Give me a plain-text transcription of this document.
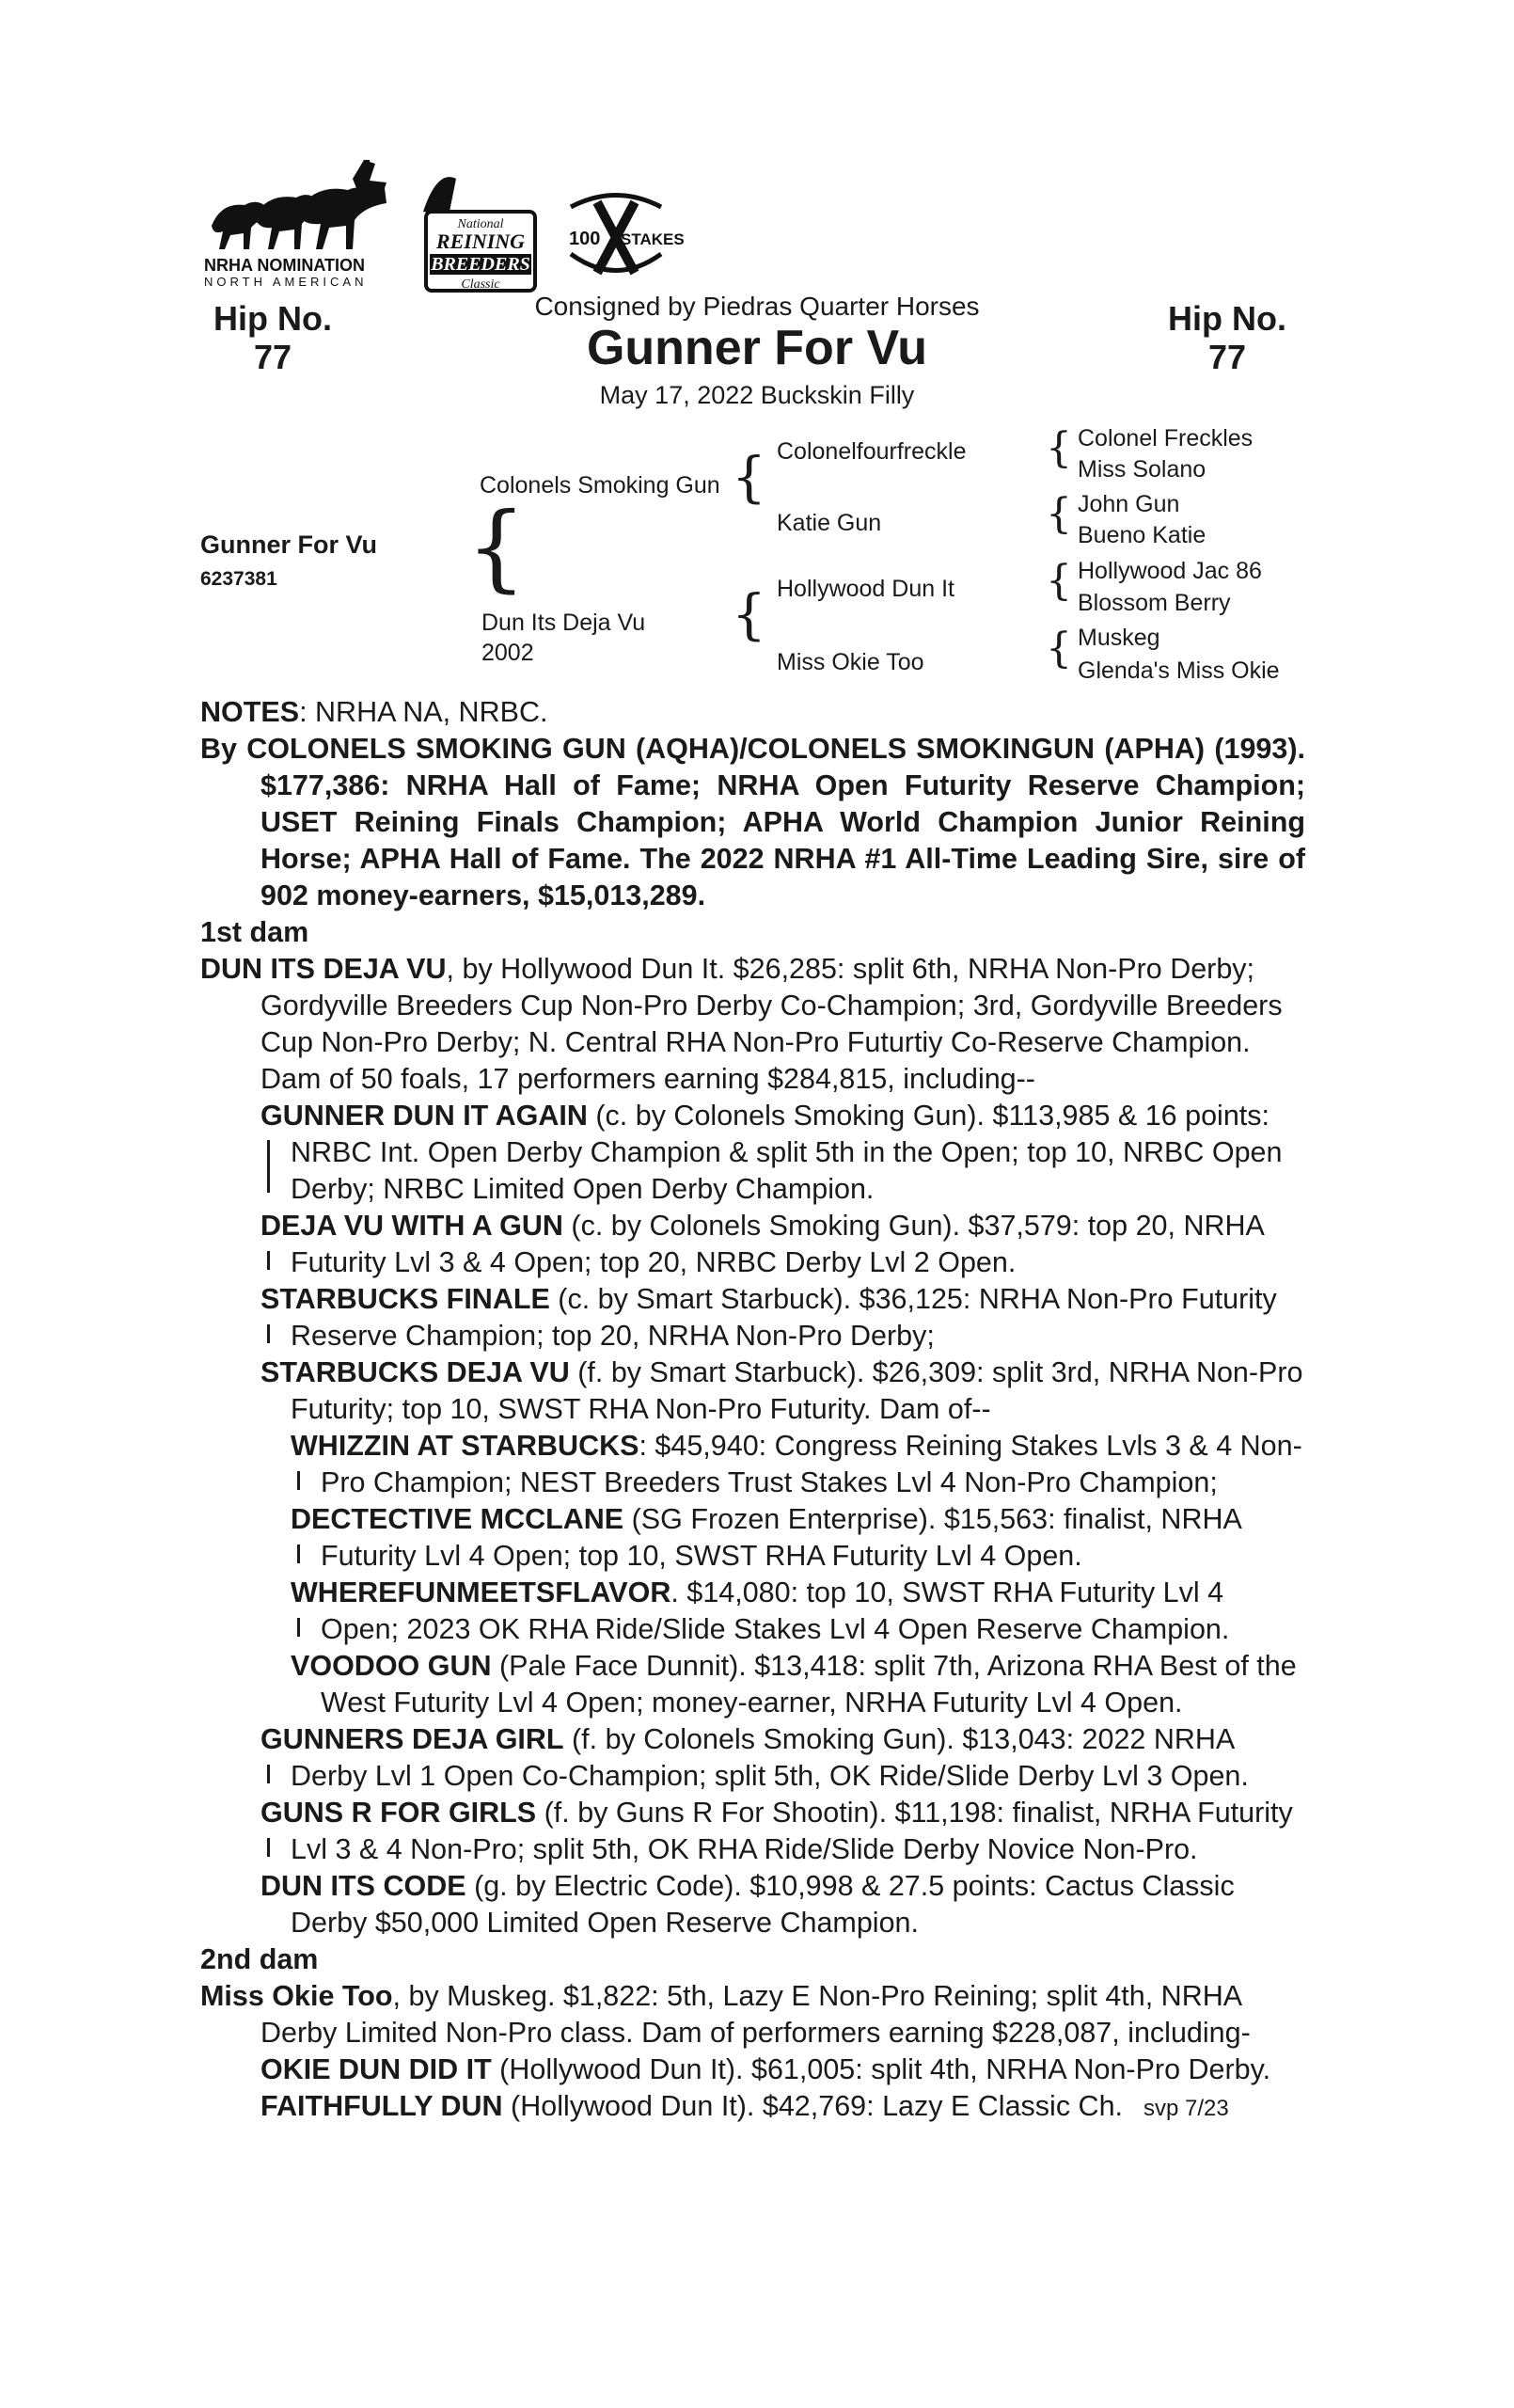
NRHA NOMINATION
NORTH AMERICAN
National
REINING
BREEDERS
Classic
100 STAKES
Hip No.
77
Hip No.
77
Consigned by Piedras Quarter Horses
Gunner For Vu
May 17, 2022 Buckskin Filly
Gunner For Vu
6237381 {
Colonels Smoking Gun
Dun Its Deja Vu
2002
{
{
Colonelfourfreckle
Katie Gun
Hollywood Dun It
Miss Okie Too
{
{
{
{
Colonel Freckles
Miss Solano
John Gun
Bueno Katie
Hollywood Jac 86
Blossom Berry
Muskeg
Glenda's Miss Okie
NOTES: NRHA NA, NRBC.
By COLONELS SMOKING GUN (AQHA)/COLONELS SMOKINGUN (APHA) (1993). $177,386: NRHA Hall of Fame; NRHA Open Futurity Reserve Champion; USET Reining Finals Champion; APHA World Champion Junior Reining Horse; APHA Hall of Fame. The 2022 NRHA #1 All-Time Leading Sire, sire of 902 money-earners, $15,013,289.
1st dam
DUN ITS DEJA VU, by Hollywood Dun It. $26,285: split 6th, NRHA Non-Pro Derby; Gordyville Breeders Cup Non-Pro Derby Co-Champion; 3rd, Gordyville Breeders Cup Non-Pro Derby; N. Central RHA Non-Pro Futurtiy Co-Reserve Champion. Dam of 50 foals, 17 performers earning $284,815, including--
GUNNER DUN IT AGAIN (c. by Colonels Smoking Gun). $113,985 & 16 points: NRBC Int. Open Derby Champion & split 5th in the Open; top 10, NRBC Open Derby; NRBC Limited Open Derby Champion.
DEJA VU WITH A GUN (c. by Colonels Smoking Gun). $37,579: top 20, NRHA Futurity Lvl 3 & 4 Open; top 20, NRBC Derby Lvl 2 Open.
STARBUCKS FINALE (c. by Smart Starbuck). $36,125: NRHA Non-Pro Futurity Reserve Champion; top 20, NRHA Non-Pro Derby;
STARBUCKS DEJA VU (f. by Smart Starbuck). $26,309: split 3rd, NRHA Non-Pro Futurity; top 10, SWST RHA Non-Pro Futurity. Dam of--
WHIZZIN AT STARBUCKS: $45,940: Congress Reining Stakes Lvls 3 & 4 Non-Pro Champion; NEST Breeders Trust Stakes Lvl 4 Non-Pro Champion;
DECTECTIVE MCCLANE (SG Frozen Enterprise). $15,563: finalist, NRHA Futurity Lvl 4 Open; top 10, SWST RHA Futurity Lvl 4 Open.
WHEREFUNMEETSFLAVOR. $14,080: top 10, SWST RHA Futurity Lvl 4 Open; 2023 OK RHA Ride/Slide Stakes Lvl 4 Open Reserve Champion.
VOODOO GUN (Pale Face Dunnit). $13,418: split 7th, Arizona RHA Best of the West Futurity Lvl 4 Open; money-earner, NRHA Futurity Lvl 4 Open.
GUNNERS DEJA GIRL (f. by Colonels Smoking Gun). $13,043: 2022 NRHA Derby Lvl 1 Open Co-Champion; split 5th, OK Ride/Slide Derby Lvl 3 Open.
GUNS R FOR GIRLS (f. by Guns R For Shootin). $11,198: finalist, NRHA Futurity Lvl 3 & 4 Non-Pro; split 5th, OK RHA Ride/Slide Derby Novice Non-Pro.
DUN ITS CODE (g. by Electric Code). $10,998 & 27.5 points: Cactus Classic Derby $50,000 Limited Open Reserve Champion.
2nd dam
Miss Okie Too, by Muskeg. $1,822: 5th, Lazy E Non-Pro Reining; split 4th, NRHA Derby Limited Non-Pro class. Dam of performers earning $228,087, including-
OKIE DUN DID IT (Hollywood Dun It). $61,005: split 4th, NRHA Non-Pro Derby.
FAITHFULLY DUN (Hollywood Dun It). $42,769: Lazy E Classic Ch. svp 7/23
